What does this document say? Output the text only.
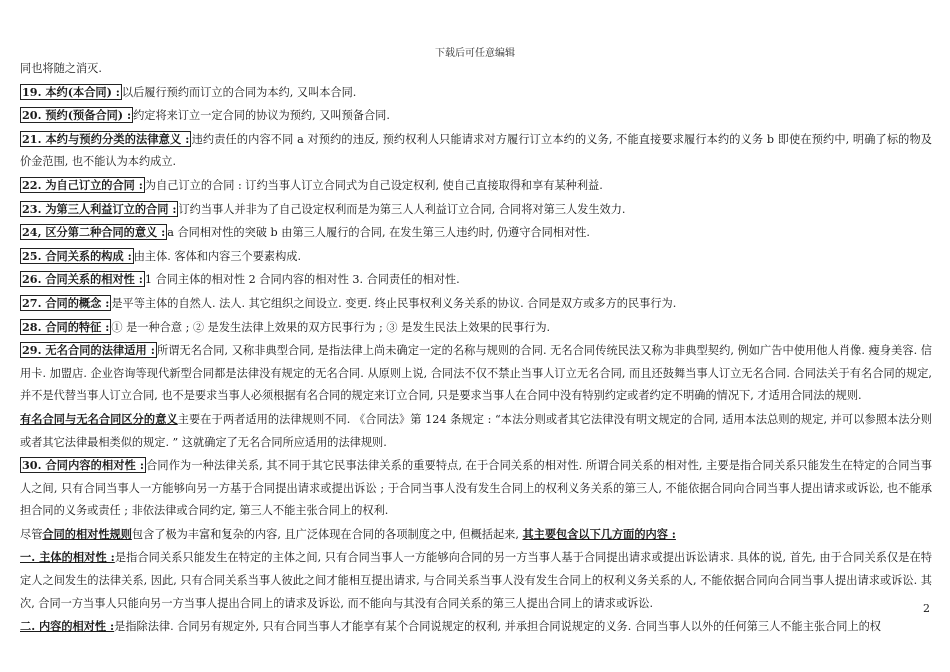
下载后可任意编辑

同也将随之消灭.

19. 本约(本合同) : 以后履行预约而订立的合同为本约, 又叫本合同.

20. 预约(预备合同) : 约定将来订立一定合同的协议为预约, 又叫预备合同.

21. 本约与预约分类的法律意义 : 违约责任的内容不同 a 对预约的违反, 预约权利人只能请求对方履行订立本约的义务, 不能直接要求履行本约的义务 b 即使在预约中, 明确了标的物及价金范围, 也不能认为本约成立.

22. 为自己订立的合同 : 为自己订立的合同 : 订约当事人订立合同式为自己设定权利, 使自己直接取得和享有某种利益.

23. 为第三人利益订立的合同 : 订约当事人并非为了自己设定权利而是为第三人人利益订立合同, 合同将对第三人发生效力.

24, 区分第二种合同的意义 : a 合同相对性的突破 b 由第三人履行的合同, 在发生第三人违约时, 仍遵守合同相对性.

25. 合同关系的构成 : 由主体. 客体和内容三个要素构成.

26. 合同关系的相对性 : 1 合同主体的相对性 2 合同内容的相对性 3. 合同责任的相对性.

27. 合同的概念 : 是平等主体的自然人. 法人. 其它组织之间设立. 变更. 终止民事权利义务关系的协议. 合同是双方或多方的民事行为.

28. 合同的特征 : ① 是一种合意 ; ② 是发生法律上效果的双方民事行为 ; ③ 是发生民法上效果的民事行为.

29. 无名合同的法律适用 : 所谓无名合同, 又称非典型合同, 是指法律上尚未确定一定的名称与规则的合同. 无名合同传统民法又称为非典型契约, 例如广告中使用他人肖像. 瘦身美容. 信用卡. 加盟店. 企业咨询等现代新型合同都是法律没有规定的无名合同. 从原则上说, 合同法不仅不禁止当事人订立无名合同, 而且还鼓舞当事人订立无名合同. 合同法关于有名合同的规定, 并不是代替当事人订立合同, 也不是要求当事人必须根据有名合同的规定来订立合同, 只是要求当事人在合同中没有特别约定或者约定不明确的情况下, 才适用合同法的规则.

有名合同与无名合同区分的意义主要在于两者适用的法律规则不同. 《合同法》第 124 条规定 : “本法分则或者其它法律没有明文规定的合同, 适用本法总则的规定, 并可以参照本法分则或者其它法律最相类似的规定. ” 这就确定了无名合同所应适用的法律规则.

30. 合同内容的相对性 : 合同作为一种法律关系, 其不同于其它民事法律关系的重要特点, 在于合同关系的相对性. 所谓合同关系的相对性, 主要是指合同关系只能发生在特定的合同当事人之间, 只有合同当事人一方能够向另一方基于合同提出请求或提出诉讼 ; 于合同当事人没有发生合同上的权利义务关系的第三人, 不能依据合同向合同当事人提出请求或诉讼, 也不能承担合同的义务或责任 ; 非依法律或合同约定, 第三人不能主张合同上的权利.

尽管合同的相对性规则包含了极为丰富和复杂的内容, 且广泛体现在合同的各项制度之中, 但概括起来, 其主要包含以下几方面的内容 :

一. 主体的相对性 :是指合同关系只能发生在特定的主体之间, 只有合同当事人一方能够向合同的另一方当事人基于合同提出请求或提出诉讼请求. 具体的说, 首先, 由于合同关系仅是在特定人之间发生的法律关系, 因此, 只有合同关系当事人彼此之间才能相互提出请求, 与合同关系当事人没有发生合同上的权利义务关系的人, 不能依据合同向合同当事人提出请求或诉讼. 其次, 合同一方当事人只能向另一方当事人提出合同上的请求及诉讼, 而不能向与其没有合同关系的第三人提出合同上的请求或诉讼.

二. 内容的相对性 :是指除法律. 合同另有规定外, 只有合同当事人才能享有某个合同说规定的权利, 并承担合同说规定的义务. 合同当事人以外的任何第三人不能主张合同上的权

2
